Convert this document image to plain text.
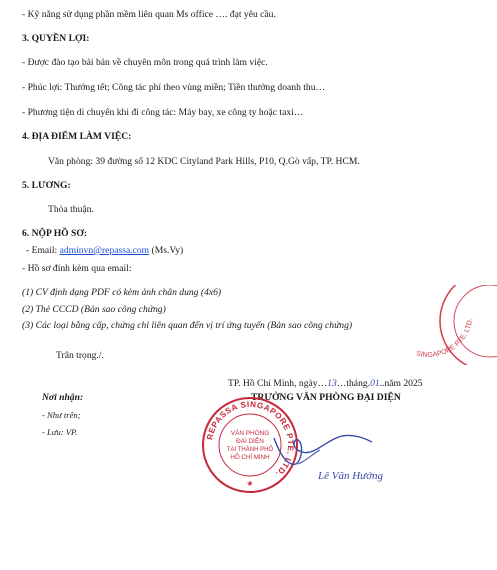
- Kỹ năng sử dụng phần mềm liên quan Ms office …. đạt yêu cầu.
3. QUYỀN LỢI:
- Được đào tạo bài bản về chuyên môn trong quá trình làm việc.
- Phúc lợi: Thưởng tết; Công tác phí theo vùng miền; Tiền thưởng doanh thu…
- Phương tiện di chuyển khi đi công tác: Máy bay, xe công ty hoặc taxi…
4. ĐỊA ĐIỂM LÀM VIỆC:
Văn phòng: 39 đường số 12 KDC Cityland Park Hills, P10, Q.Gò vấp, TP. HCM.
5. LƯƠNG:
Thỏa thuận.
6. NỘP HỒ SƠ:
- Email: adminvn@repassa.com (Ms.Vy)
- Hồ sơ đính kèm qua email:
(1) CV định dạng PDF có kèm ảnh chân dung (4x6)
(2) Thẻ CCCD (Bản sao công chứng)
(3) Các loại bằng cấp, chứng chỉ liên quan đến vị trí ứng tuyển (Bản sao công chứng)
Trân trọng./.
TP. Hồ Chí Minh, ngày…13…tháng.01..năm 2025
TRƯỞNG VĂN PHÒNG ĐẠI DIỆN
Nơi nhận:
- Như trên;
- Lưu: VP.
SINGAPORE PTE. LTD.
REPASSA SINGAPORE PTE. LTD.
VĂN PHÒNG
ĐẠI DIỆN
TẠI THÀNH PHỐ
HỒ CHÍ MINH
★
Lê Văn Hướng
